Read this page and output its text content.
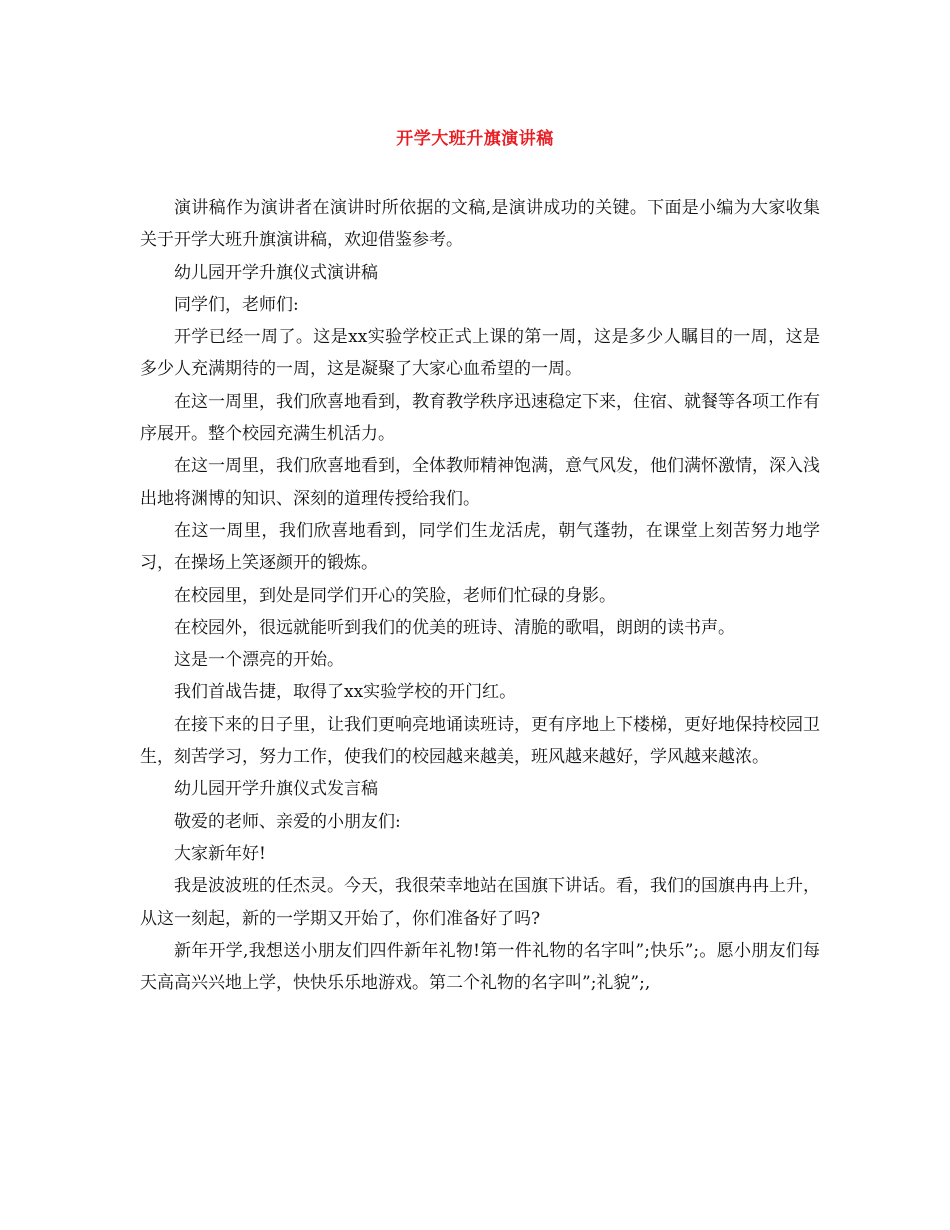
开学大班升旗演讲稿

演讲稿作为演讲者在演讲时所依据的文稿,是演讲成功的关键。下面是小编为大家收集关于开学大班升旗演讲稿，欢迎借鉴参考。

幼儿园开学升旗仪式演讲稿

同学们，老师们:

开学已经一周了。这是xx实验学校正式上课的第一周，这是多少人瞩目的一周，这是多少人充满期待的一周，这是凝聚了大家心血希望的一周。

在这一周里，我们欣喜地看到，教育教学秩序迅速稳定下来，住宿、就餐等各项工作有序展开。整个校园充满生机活力。

在这一周里，我们欣喜地看到，全体教师精神饱满，意气风发，他们满怀激情，深入浅出地将渊博的知识、深刻的道理传授给我们。

在这一周里，我们欣喜地看到，同学们生龙活虎，朝气蓬勃，在课堂上刻苦努力地学习，在操场上笑逐颜开的锻炼。

在校园里，到处是同学们开心的笑脸，老师们忙碌的身影。

在校园外，很远就能听到我们的优美的班诗、清脆的歌唱，朗朗的读书声。

这是一个漂亮的开始。

我们首战告捷，取得了xx实验学校的开门红。

在接下来的日子里，让我们更响亮地诵读班诗，更有序地上下楼梯，更好地保持校园卫生，刻苦学习，努力工作，使我们的校园越来越美，班风越来越好，学风越来越浓。

幼儿园开学升旗仪式发言稿

敬爱的老师、亲爱的小朋友们:

大家新年好!

我是波波班的任杰灵。今天，我很荣幸地站在国旗下讲话。看，我们的国旗冉冉上升，从这一刻起，新的一学期又开始了，你们准备好了吗?

新年开学,我想送小朋友们四件新年礼物!第一件礼物的名字叫”;快乐”;。愿小朋友们每天高高兴兴地上学，快快乐乐地游戏。第二个礼物的名字叫”;礼貌”;,
